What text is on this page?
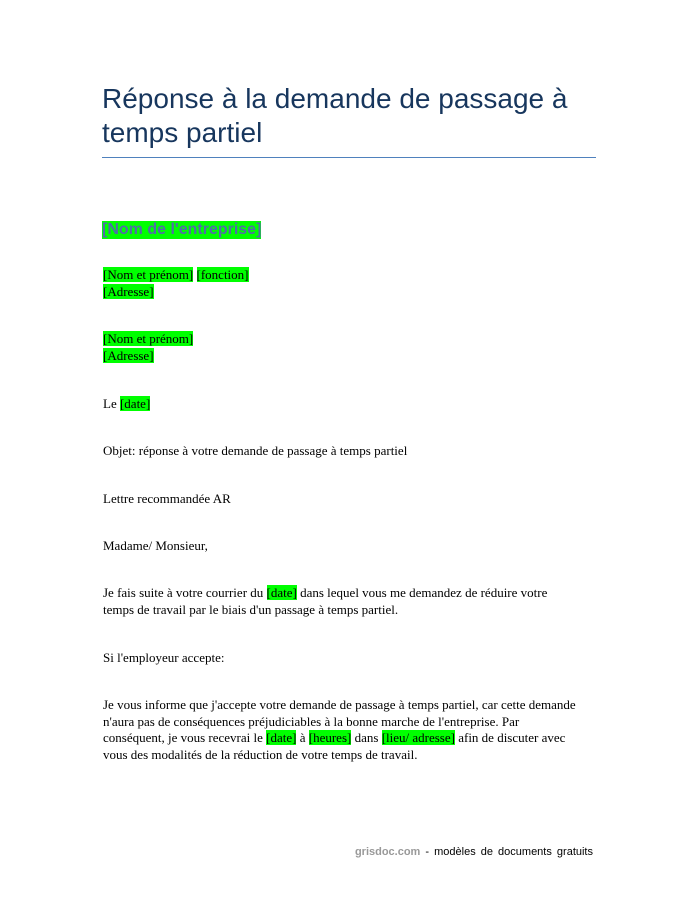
Réponse à la demande de passage à temps partiel
[Nom de l'entreprise]
[Nom et prénom] [fonction]
[Adresse]
[Nom et prénom]
[Adresse]
Le [date]
Objet: réponse à votre demande de passage à temps partiel
Lettre recommandée AR
Madame/ Monsieur,
Je fais suite à votre courrier du [date] dans lequel vous me demandez de réduire votre
temps de travail par le biais d'un passage à temps partiel.
Si l'employeur accepte:
Je vous informe que j'accepte votre demande de passage à temps partiel, car cette demande
n'aura pas de conséquences préjudiciables à la bonne marche de l'entreprise. Par
conséquent, je vous recevrai le [date] à [heures] dans [lieu/ adresse] afin de discuter avec
vous des modalités de la réduction de votre temps de travail.
grisdoc.com - modèles de documents gratuits
